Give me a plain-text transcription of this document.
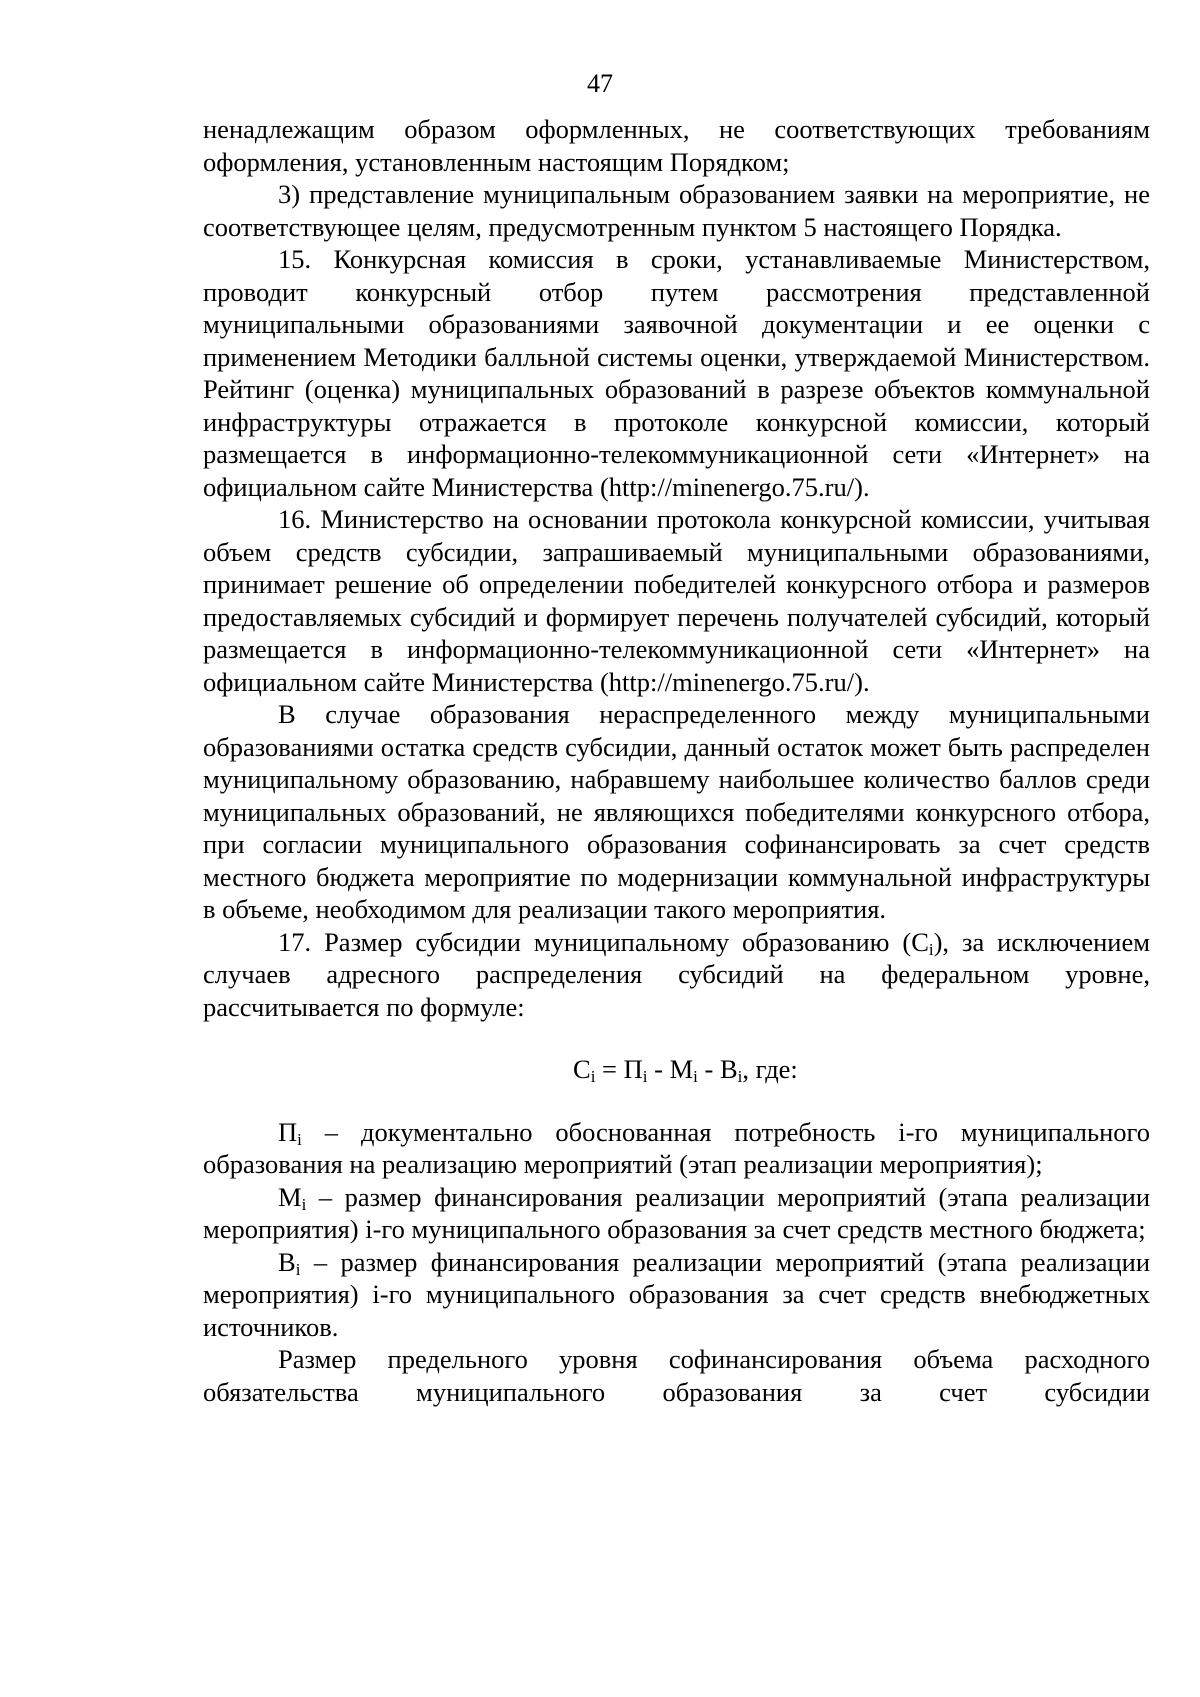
47

ненадлежащим образом оформленных, не соответствующих требованиям оформления, установленным настоящим Порядком;

3) представление муниципальным образованием заявки на мероприятие, не соответствующее целям, предусмотренным пунктом 5 настоящего Порядка.

15. Конкурсная комиссия в сроки, устанавливаемые Министерством, проводит конкурсный отбор путем рассмотрения представленной муниципальными образованиями заявочной документации и ее оценки с применением Методики балльной системы оценки, утверждаемой Министерством. Рейтинг (оценка) муниципальных образований в разрезе объектов коммунальной инфраструктуры отражается в протоколе конкурсной комиссии, который размещается в информационно-телекоммуникационной сети «Интернет» на официальном сайте Министерства (http://minenergo.75.ru/).

16. Министерство на основании протокола конкурсной комиссии, учитывая объем средств субсидии, запрашиваемый муниципальными образованиями, принимает решение об определении победителей конкурсного отбора и размеров предоставляемых субсидий и формирует перечень получателей субсидий, который размещается в информационно-телекоммуникационной сети «Интернет» на официальном сайте Министерства (http://minenergo.75.ru/).

В случае образования нераспределенного между муниципальными образованиями остатка средств субсидии, данный остаток может быть распределен муниципальному образованию, набравшему наибольшее количество баллов среди муниципальных образований, не являющихся победителями конкурсного отбора, при согласии муниципального образования софинансировать за счет средств местного бюджета мероприятие по модернизации коммунальной инфраструктуры в объеме, необходимом для реализации такого мероприятия.

17. Размер субсидии муниципальному образованию $(С_i)$, за исключением случаев адресного распределения субсидий на федеральном уровне, рассчитывается по формуле:

$С_i = П_i - М_i - В_i$, где:

$П_i$ – документально обоснованная потребность i-го муниципального образования на реализацию мероприятий (этап реализации мероприятия);

$М_i$ – размер финансирования реализации мероприятий (этапа реализации мероприятия) i-го муниципального образования за счет средств местного бюджета;

$В_i$ – размер финансирования реализации мероприятий (этапа реализации мероприятия) i-го муниципального образования за счет средств внебюджетных источников.

Размер предельного уровня софинансирования объема расходного обязательства муниципального образования за счет субсидии
